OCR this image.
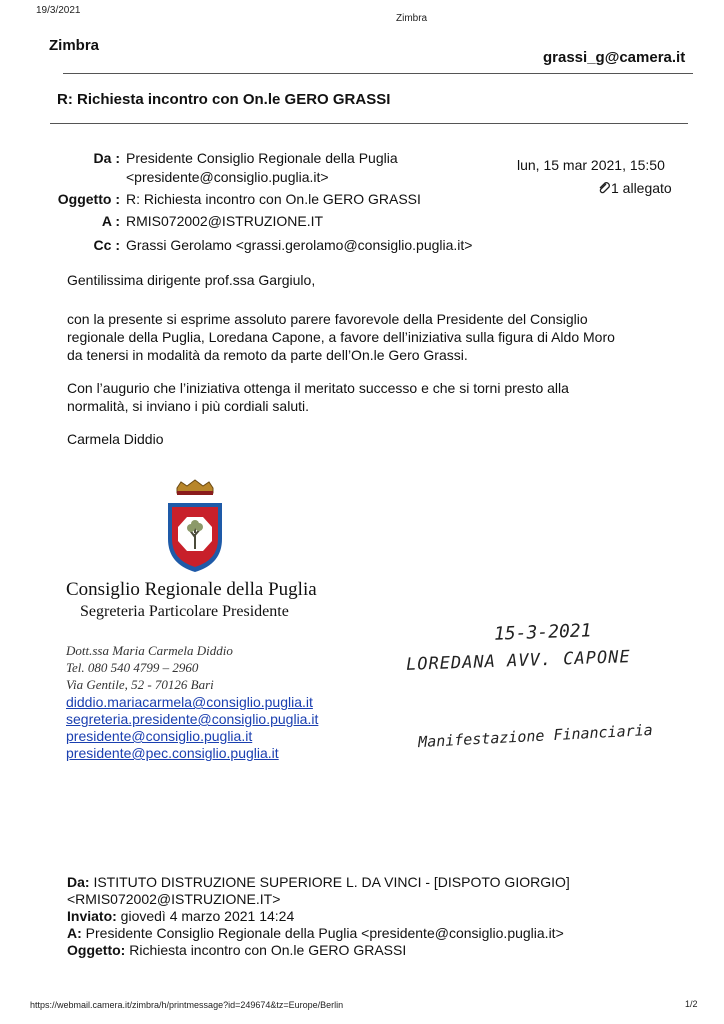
19/3/2021
Zimbra
Zimbra
grassi_g@camera.it
R: Richiesta incontro con On.le GERO GRASSI
Da : Presidente Consiglio Regionale della Puglia
<presidente@consiglio.puglia.it>
lun, 15 mar 2021, 15:50
1 allegato
Oggetto : R: Richiesta incontro con On.le GERO GRASSI
A : RMIS072002@ISTRUZIONE.IT
Cc : Grassi Gerolamo <grassi.gerolamo@consiglio.puglia.it>
Gentilissima dirigente prof.ssa Gargiulo,
con la presente si esprime assoluto parere favorevole della Presidente del Consiglio
regionale della Puglia, Loredana Capone, a favore dell’iniziativa sulla figura di Aldo Moro
da tenersi in modalità da remoto da parte dell’On.le Gero Grassi.
Con l’augurio che l’iniziativa ottenga il meritato successo e che si torni presto alla
normalità, si inviano i più cordiali saluti.
Carmela Diddio
Consiglio Regionale della Puglia
Segreteria Particolare Presidente
Dott.ssa Maria Carmela Diddio
Tel. 080 540 4799 – 2960
Via Gentile, 52 - 70126 Bari
diddio.mariacarmela@consiglio.puglia.it
segreteria.presidente@consiglio.puglia.it
presidente@consiglio.puglia.it
presidente@pec.consiglio.puglia.it
15-3-2021
LOREDANA AVV. CAPONE
Manifestazione Financiaria
Da: ISTITUTO DISTRUZIONE SUPERIORE L. DA VINCI - [DISPOTO GIORGIO]
<RMIS072002@ISTRUZIONE.IT>
Inviato: giovedì 4 marzo 2021 14:24
A: Presidente Consiglio Regionale della Puglia <presidente@consiglio.puglia.it>
Oggetto: Richiesta incontro con On.le GERO GRASSI
https://webmail.camera.it/zimbra/h/printmessage?id=249674&tz=Europe/Berlin	1/2
